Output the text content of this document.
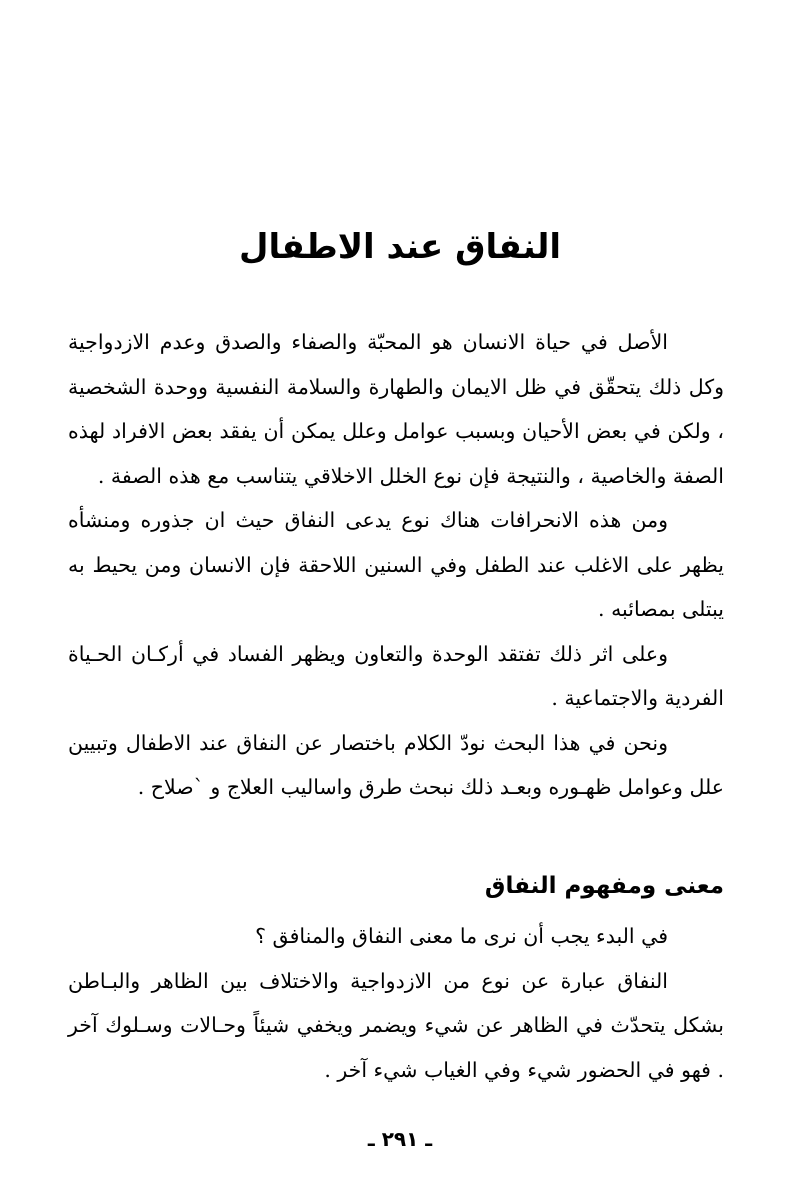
النفاق عند الاطفال

الأصل في حياة الانسان هو المحبّة والصفاء والصدق وعدم الازدواجية وكل ذلك يتحقّق في ظل الايمان والطهارة والسلامة النفسية ووحدة الشخصية ، ولكن في بعض الأحيان وبسبب عوامل وعلل يمكن أن يفقد بعض الافراد لهذه الصفة والخاصية ، والنتيجة فإن نوع الخلل الاخلاقي يتناسب مع هذه الصفة .

ومن هذه الانحرافات هناك نوع يدعى النفاق حيث ان جذوره ومنشأه يظهر على الاغلب عند الطفل وفي السنين اللاحقة فإن الانسان ومن يحيط به يبتلى بمصائبه .

وعلى اثر ذلك تفتقد الوحدة والتعاون ويظهر الفساد في أركـان الحـياة الفردية والاجتماعية .

ونحن في هذا البحث نودّ الكلام باختصار عن النفاق عند الاطفال وتبيين علل وعوامل ظهـوره وبعـد ذلك نبحث طرق واساليب العلاج و ˋصلاح .

معنى ومفهوم النفاق

في البدء يجب أن نرى ما معنى النفاق والمنافق ؟

النفاق عبارة عن نوع من الازدواجية والاختلاف بين الظاهر والبـاطن بشكل يتحدّث في الظاهر عن شيء ويضمر ويخفي شيئاً وحـالات وسـلوك آخر . فهو في الحضور شيء وفي الغياب شيء آخر .

ـ ٢٩١ ـ
